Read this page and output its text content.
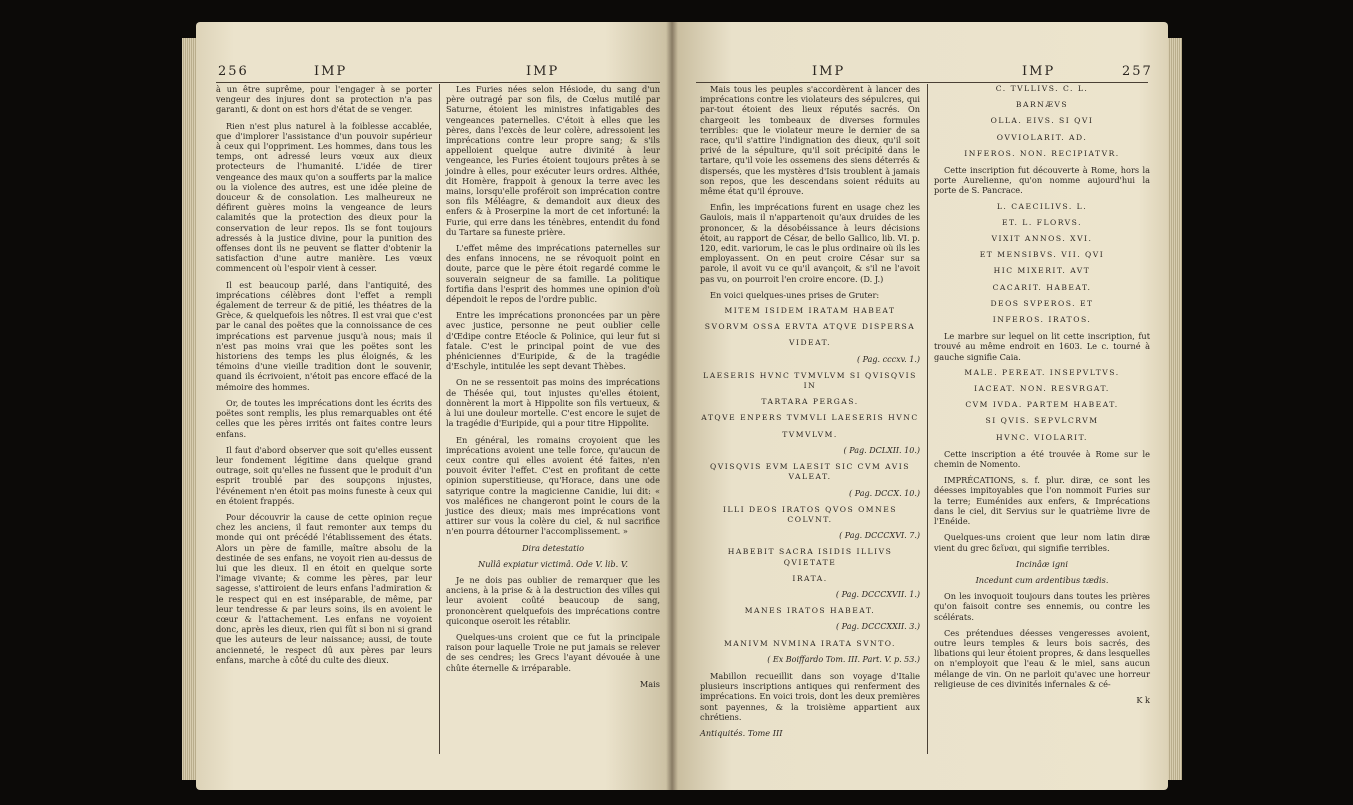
256	IMP	IMP

à un être suprême, pour l'engager à se porter vengeur des injures dont sa protection n'a pas garanti, & dont on est hors d'état de se venger.

Rien n'est plus naturel à la foiblesse accablée, que d'implorer l'assistance d'un pouvoir supérieur à ceux qui l'oppriment. Les hommes, dans tous les temps, ont adressé leurs vœux aux dieux protecteurs de l'humanité. L'idée de tirer vengeance des maux qu'on a soufferts par la malice ou la violence des autres, est une idée pleine de douceur & de consolation. Les malheureux ne défirent guères moins la vengeance de leurs calamités que la protection des dieux pour la conservation de leur repos. Ils se font toujours adressés à la justice divine, pour la punition des offenses dont ils ne peuvent se flatter d'obtenir la satisfaction d'une autre manière. Les vœux commencent où l'espoir vient à cesser.

Il est beaucoup parlé, dans l'antiquité, des imprécations célèbres dont l'effet a rempli également de terreur & de pitié, les théatres de la Grèce, & quelquefois les nôtres. Il est vrai que c'est par le canal des poëtes que la connoissance de ces imprécations est parvenue jusqu'à nous; mais il n'est pas moins vrai que les poëtes sont les historiens des temps les plus éloignés, & les témoins d'une vieille tradition dont le souvenir, quand ils écrivoient, n'étoit pas encore effacé de la mémoire des hommes.

Or, de toutes les imprécations dont les écrits des poëtes sont remplis, les plus remarquables ont été celles que les pères irrités ont faites contre leurs enfans.

Il faut d'abord observer que soit qu'elles eussent leur fondement légitime dans quelque grand outrage, soit qu'elles ne fussent que le produit d'un esprit troublé par des soupçons injustes, l'événement n'en étoit pas moins funeste à ceux qui en étoient frappés.

Pour découvrir la cause de cette opinion reçue chez les anciens, il faut remonter aux temps du monde qui ont précédé l'établissement des états. Alors un père de famille, maître absolu de la destinée de ses enfans, ne voyoit rien au-dessus de lui que les dieux. Il en étoit en quelque sorte l'image vivante; & comme les pères, par leur sagesse, s'attiroient de leurs enfans l'admiration & le respect qui en est inséparable, de même, par leur tendresse & par leurs soins, ils en avoient le cœur & l'attachement. Les enfans ne voyoient donc, après les dieux, rien qui fût si bon ni si grand que les auteurs de leur naissance; aussi, de toute ancienneté, le respect dû aux pères par leurs enfans, marche à côté du culte des dieux.

Les Furies nées selon Hésiode, du sang d'un père outragé par son fils, de Cœlus mutilé par Saturne, étoient les ministres infatigables des vengeances paternelles. C'étoit à elles que les pères, dans l'excès de leur colère, adressoient les imprécations contre leur propre sang; & s'ils appelloient quelque autre divinité à leur vengeance, les Furies étoient toujours prêtes à se joindre à elles, pour exécuter leurs ordres. Althée, dit Homère, frappoit à genoux la terre avec les mains, lorsqu'elle proféroit son imprécation contre son fils Méléagre, & demandoit aux dieux des enfers & à Proserpine la mort de cet infortuné: la Furie, qui erre dans les ténèbres, entendit du fond du Tartare sa funeste prière.

L'effet même des imprécations paternelles sur des enfans innocens, ne se révoquoit point en doute, parce que le père étoit regardé comme le souverain seigneur de sa famille. La politique fortifia dans l'esprit des hommes une opinion d'où dépendoit le repos de l'ordre public.

Entre les imprécations prononcées par un père avec justice, personne ne peut oublier celle d'Œdipe contre Etéocle & Polinice, qui leur fut si fatale. C'est le principal point de vue des phéniciennes d'Euripide, & de la tragédie d'Eschyle, intitulée les sept devant Thèbes.

On ne se ressentoit pas moins des imprécations de Thésée qui, tout injustes qu'elles étoient, donnèrent la mort à Hippolite son fils vertueux, & à lui une douleur mortelle. C'est encore le sujet de la tragédie d'Euripide, qui a pour titre Hippolite.

En général, les romains croyoient que les imprécations avoient une telle force, qu'aucun de ceux contre qui elles avoient été faites, n'en pouvoit éviter l'effet. C'est en profitant de cette opinion superstitieuse, qu'Horace, dans une ode satyrique contre la magicienne Canidie, lui dit: « vos maléfices ne changeront point le cours de la justice des dieux; mais mes imprécations vont attirer sur vous la colère du ciel, & nul sacrifice n'en pourra détourner l'accomplissement. »

Dira detestatio

Nullâ expiatur victimâ. Ode V. lib. V.

Je ne dois pas oublier de remarquer que les anciens, à la prise & à la destruction des villes qui leur avoient coûté beaucoup de sang, prononcèrent quelquefois des imprécations contre quiconque oseroit les rétablir.

Quelques-uns croient que ce fut la principale raison pour laquelle Troie ne put jamais se relever de ses cendres; les Grecs l'ayant dévouée à une chûte éternelle & irréparable.

Mais

IMP	IMP	257

Mais tous les peuples s'accordèrent à lancer des imprécations contre les violateurs des sépulcres, qui par-tout étoient des lieux réputés sacrés. On chargeoit les tombeaux de diverses formules terribles: que le violateur meure le dernier de sa race, qu'il s'attire l'indignation des dieux, qu'il soit privé de la sépulture, qu'il soit précipité dans le tartare, qu'il voie les ossemens des siens déterrés & dispersés, que les mystères d'Isis troublent à jamais son repos, que les descendans soient réduits au même état qu'il éprouve.

Enfin, les imprécations furent en usage chez les Gaulois, mais il n'appartenoit qu'aux druides de les prononcer, & la désobéissance à leurs décisions étoit, au rapport de César, de bello Gallico, lib. VI. p. 120, edit. variorum, le cas le plus ordinaire où ils les employassent. On en peut croire César sur sa parole, il avoit vu ce qu'il avançoit, & s'il ne l'avoit pas vu, on pourroit l'en croire encore. (D. J.)

En voici quelques-unes prises de Gruter:

MITEM ISIDEM IRATAM HABEAT

SVORVM OSSA ERVTA ATQVE DISPERSA

VIDEAT.

( Pag. cccxv. 1.)

LAESERIS HVNC TVMVLVM SI QVISQVIS IN

TARTARA PERGAS.

ATQVE ENPERS TVMVLI LAESERIS HVNC

TVMVLVM.

( Pag. DCLXII. 10.)

QVISQVIS EVM LAESIT SIC CVM AVIS VALEAT.

( Pag. DCCX. 10.)

ILLI DEOS IRATOS QVOS OMNES COLVNT.

( Pag. DCCCXVI. 7.)

HABEBIT SACRA ISIDIS ILLIVS QVIETATE

IRATA.

( Pag. DCCCXVII. 1.)

MANES IRATOS HABEAT.

( Pag. DCCCXXII. 3.)

MANIVM NVMINA IRATA SVNTO.

( Ex Boiffardo Tom. III. Part. V. p. 53.)

Mabillon recueillit dans son voyage d'Italie plusieurs inscriptions antiques qui renferment des imprécations. En voici trois, dont les deux premières sont payennes, & la troisième appartient aux chrétiens.

Antiquités. Tome III

C. TVLLIVS. C. L.

BARNÆVS

OLLA. EIVS. SI QVI

OVVIOLARIT. AD.

INFEROS. NON. RECIPIATVR.

Cette inscription fut découverte à Rome, hors la porte Aurelienne, qu'on nomme aujourd'hui la porte de S. Pancrace.

L. CAECILIVS. L.

ET. L. FLORVS.

VIXIT ANNOS. XVI.

ET MENSIBVS. VII. QVI

HIC MIXERIT. AVT

CACARIT. HABEAT.

DEOS SVPEROS. ET

INFEROS. IRATOS.

Le marbre sur lequel on lit cette inscription, fut trouvé au même endroit en 1603. Le c. tourné à gauche signifie Caia.

MALE. PEREAT. INSEPVLTVS.

IACEAT. NON. RESVRGAT.

CVM IVDA. PARTEM HABEAT.

SI QVIS. SEPVLCRVM

HVNC. VIOLARIT.

Cette inscription a été trouvée à Rome sur le chemin de Nomento.

IMPRÉCATIONS, s. f. plur. diræ, ce sont les déesses impitoyables que l'on nommoit Furies sur la terre; Euménides aux enfers, & Imprécations dans le ciel, dit Servius sur le quatrième livre de l'Enéide.

Quelques-uns croient que leur nom latin diræ vient du grec δεῖναι, qui signifie terribles.

Incinâæ igni

Incedunt cum ardentibus tædis.

On les invoquoit toujours dans toutes les prières qu'on faisoit contre ses ennemis, ou contre les scélérats.

Ces prétendues déesses vengeresses avoient, outre leurs temples & leurs bois sacrés, des libations qui leur étoient propres, & dans lesquelles on n'employoit que l'eau & le miel, sans aucun mélange de vin. On ne parloit qu'avec une horreur religieuse de ces divinités infernales & cé-

K k
